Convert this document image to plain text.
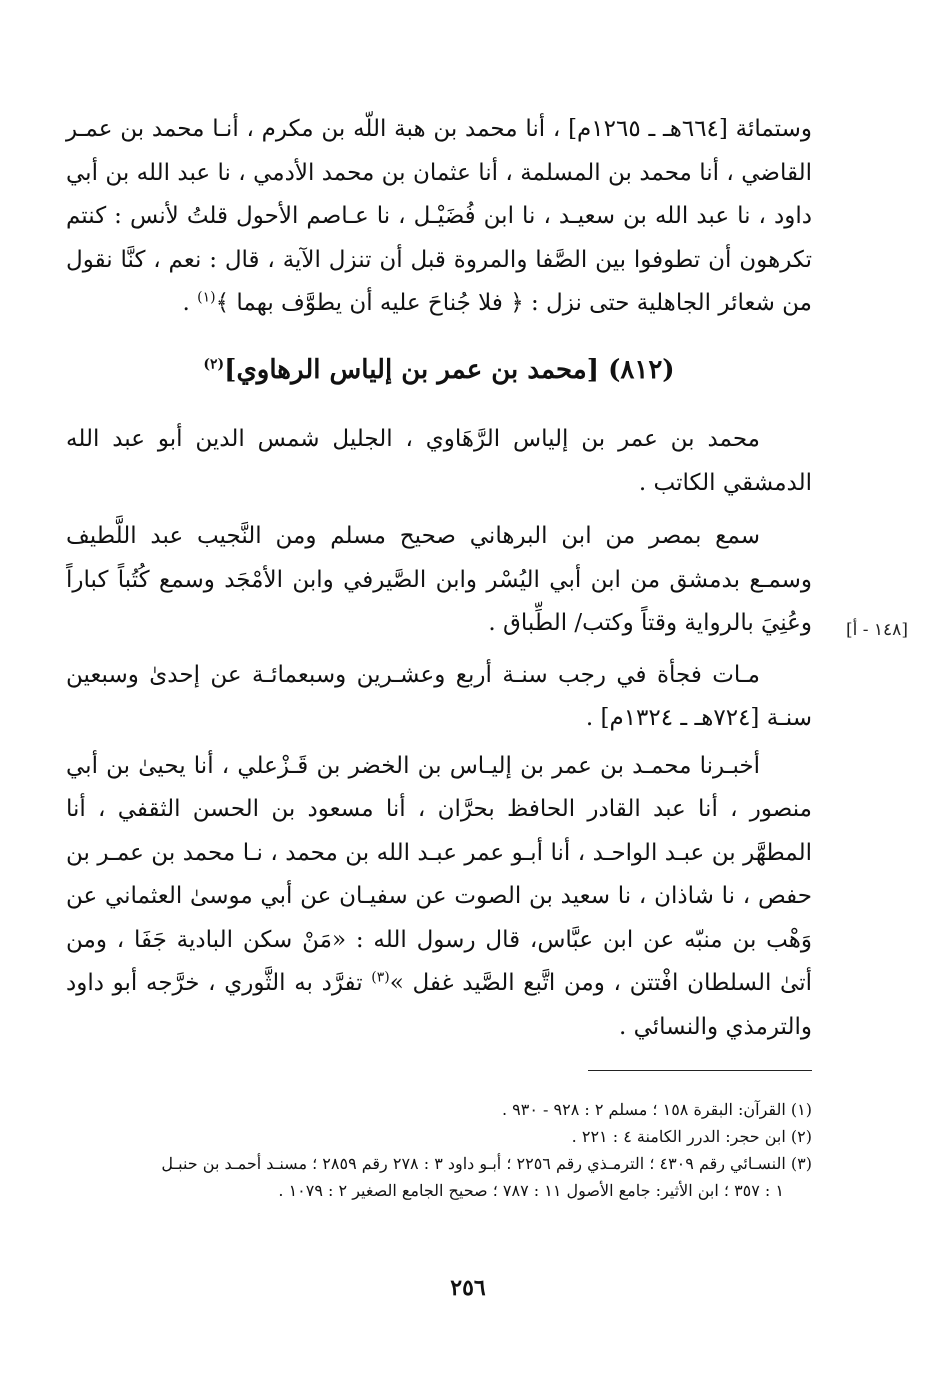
وستمائة [٦٦٤هـ ـ ١٢٦٥م] ، أنا محمد بن هبة اللّه بن مكرم ، أنـا محمد بن عمـر القاضي ، أنا محمد بن المسلمة ، أنا عثمان بن محمد الأدمي ، نا عبد الله بن أبي داود ، نا عبد الله بن سعيـد ، نا ابن فُضَيْـل ، نا عـاصم الأحول قلتُ لأنس : كنتم تكرهون أن تطوفوا بين الصَّفا والمروة قبل أن تنزل الآية ، قال : نعم ، كنَّا نقول من شعائر الجاهلية حتى نزل : ﴿ فلا جُناحَ عليه أن يطوَّف بهما ﴾$^{(١)}$ .

(٨١٢) [محمد بن عمر بن إلياس الرهاوي]$^{(٢)}$

محمد بن عمر بن إلياس الرَّهَاوي ، الجليل شمس الدين أبو عبد الله الدمشقي الكاتب .

سمع بمصر من ابن البرهاني صحيح مسلم ومن النَّجيب عبد اللَّطيف وسمـع بدمشق من ابن أبي اليُسْر وابن الصَّيرفي وابن الأمْجَد وسمع كُتُباً كباراً وعُنِيَ بالرواية وقتاً وكتب/ الطِّباق .

مـات فجأة في رجب سنـة أربع وعشـرين وسبعمائـة عن إحدىٰ وسبعين سنـة [٧٢٤هـ ـ ١٣٢٤م] .

أخبـرنا محمـد بن عمر بن إليـاس بن الخضر بن قَـزْعلي ، أنا يحيىٰ بن أبي منصور ، أنا عبد القادر الحافظ بحرَّان ، أنا مسعود بن الحسن الثقفي ، أنا المطهَّر بن عبـد الواحـد ، أنا أبـو عمر عبـد الله بن محمد ، نـا محمد بن عمـر بن حفص ، نا شاذان ، نا سعيد بن الصوت عن سفيـان عن أبي موسىٰ العثماني عن وَهْب بن منبّه عن ابن عبَّاس، قال رسول الله : «مَنْ سكن البادية جَفَا ، ومن أتىٰ السلطان افْتتن ، ومن اتَّبع الصَّيد غفل »$^{(٣)}$ تفرَّد به الثَّوري ، خرَّجه أبو داود والترمذي والنسائي .

[١٤٨ - أ]

(١) القرآن: البقرة ١٥٨ ؛ مسلم ٢ : ٩٢٨ - ٩٣٠ .

(٢) ابن حجر: الدرر الكامنة ٤ : ٢٢١ .

(٣) النسـائي رقم ٤٣٠٩ ؛ الترمـذي رقم ٢٢٥٦ ؛ أبـو داود ٣ : ٢٧٨ رقم ٢٨٥٩ ؛ مسنـد أحمـد بن حنبـل

١ : ٣٥٧ ؛ ابن الأثير: جامع الأصول ١١ : ٧٨٧ ؛ صحيح الجامع الصغير ٢ : ١٠٧٩ .

٢٥٦
